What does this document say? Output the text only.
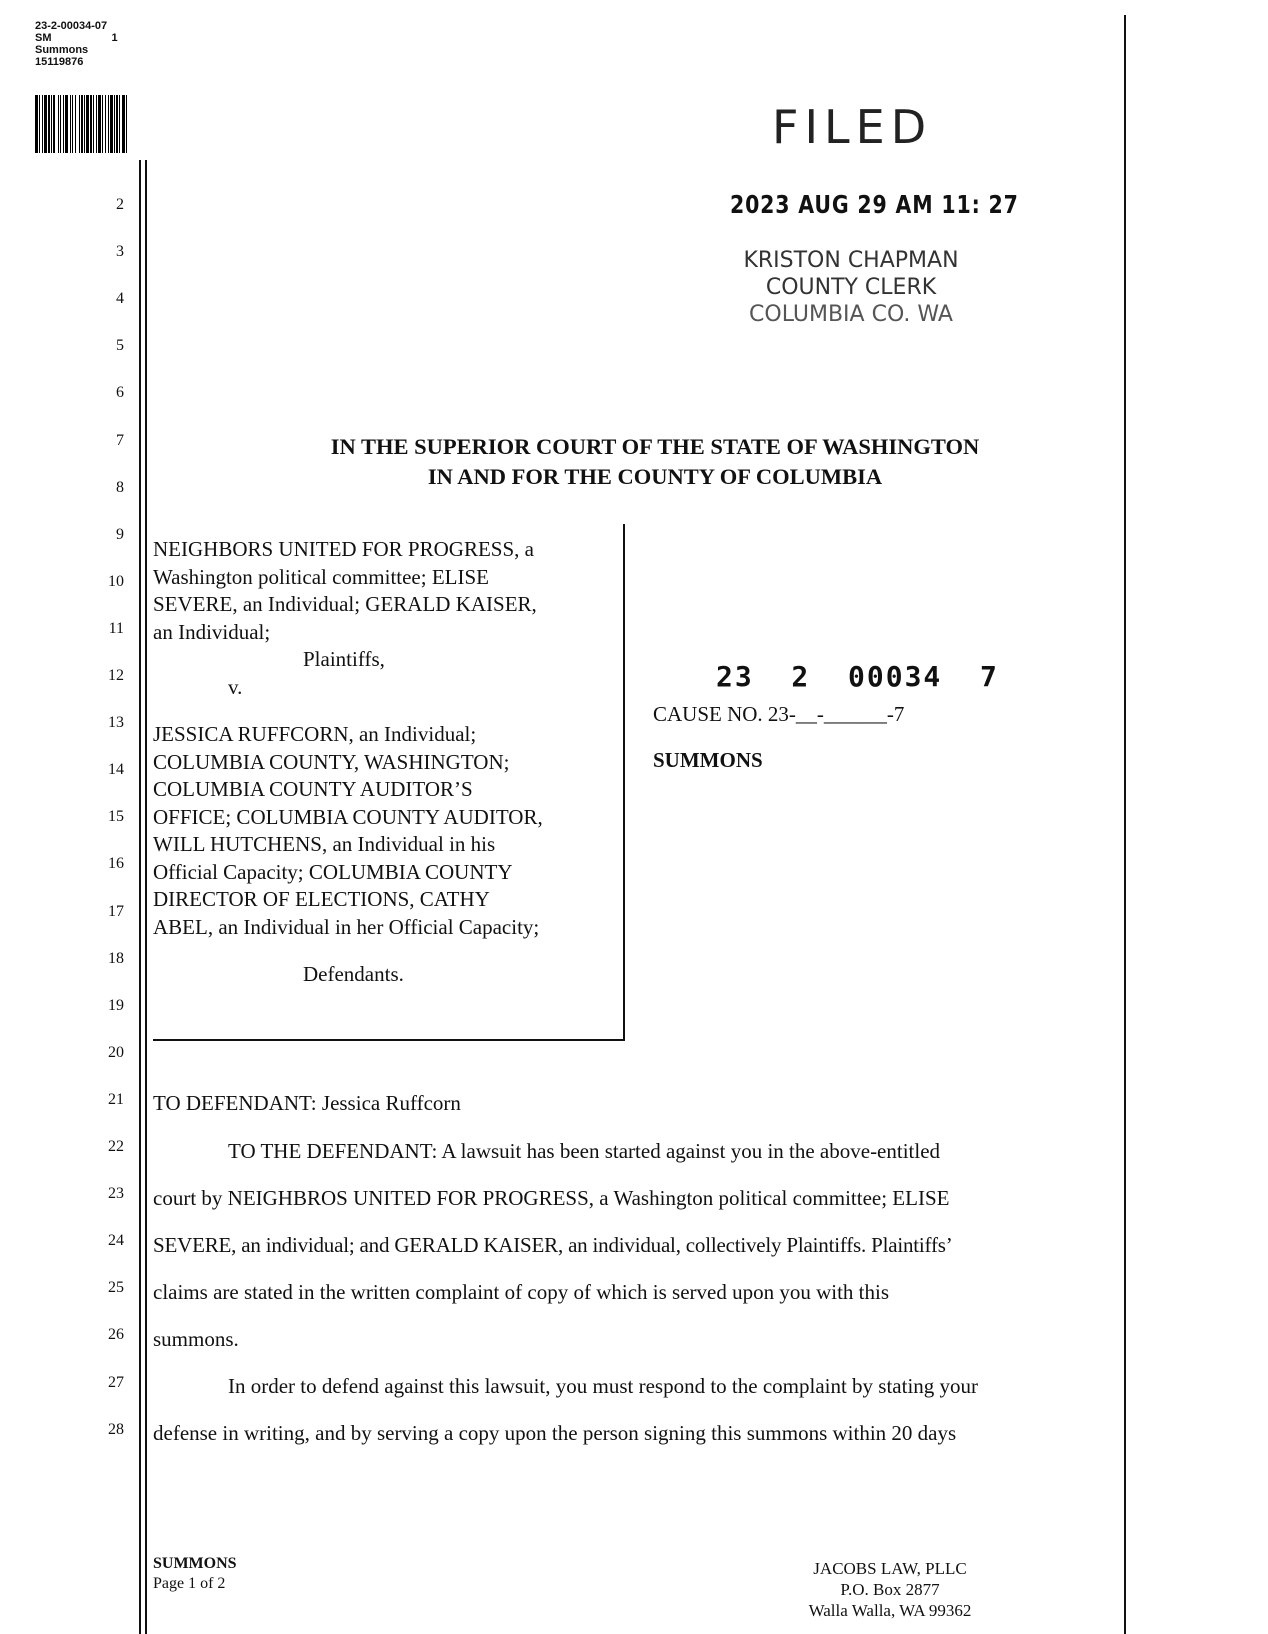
23-2-00034-07
SM	1
Summons
15119876
2
3
4
5
6
7
8
9
10
11
12
13
14
15
16
17
18
19
20
21
22
23
24
25
26
27
28
FILED
2023 AUG 29 AM 11: 27
KRISTON CHAPMAN
COUNTY CLERK
COLUMBIA CO. WA
IN THE SUPERIOR COURT OF THE STATE OF WASHINGTON
IN AND FOR THE COUNTY OF COLUMBIA
NEIGHBORS UNITED FOR PROGRESS, a
Washington political committee; ELISE
SEVERE, an Individual; GERALD KAISER,
an Individual;
Plaintiffs,
v.
JESSICA RUFFCORN, an Individual;
COLUMBIA COUNTY, WASHINGTON;
COLUMBIA COUNTY AUDITOR’S
OFFICE; COLUMBIA COUNTY AUDITOR,
WILL HUTCHENS, an Individual in his
Official Capacity; COLUMBIA COUNTY
DIRECTOR OF ELECTIONS, CATHY
ABEL, an Individual in her Official Capacity;
Defendants.
23  2  00034  7
CAUSE NO. 23-__-______-7
SUMMONS
TO DEFENDANT: Jessica Ruffcorn
TO THE DEFENDANT: A lawsuit has been started against you in the above-entitled
court by NEIGHBROS UNITED FOR PROGRESS, a Washington political committee; ELISE
SEVERE, an individual; and GERALD KAISER, an individual, collectively Plaintiffs. Plaintiffs’
claims are stated in the written complaint of copy of which is served upon you with this
summons.
In order to defend against this lawsuit, you must respond to the complaint by stating your
defense in writing, and by serving a copy upon the person signing this summons within 20 days
SUMMONS
Page 1 of 2
JACOBS LAW, PLLC
P.O. Box 2877
Walla Walla, WA 99362
